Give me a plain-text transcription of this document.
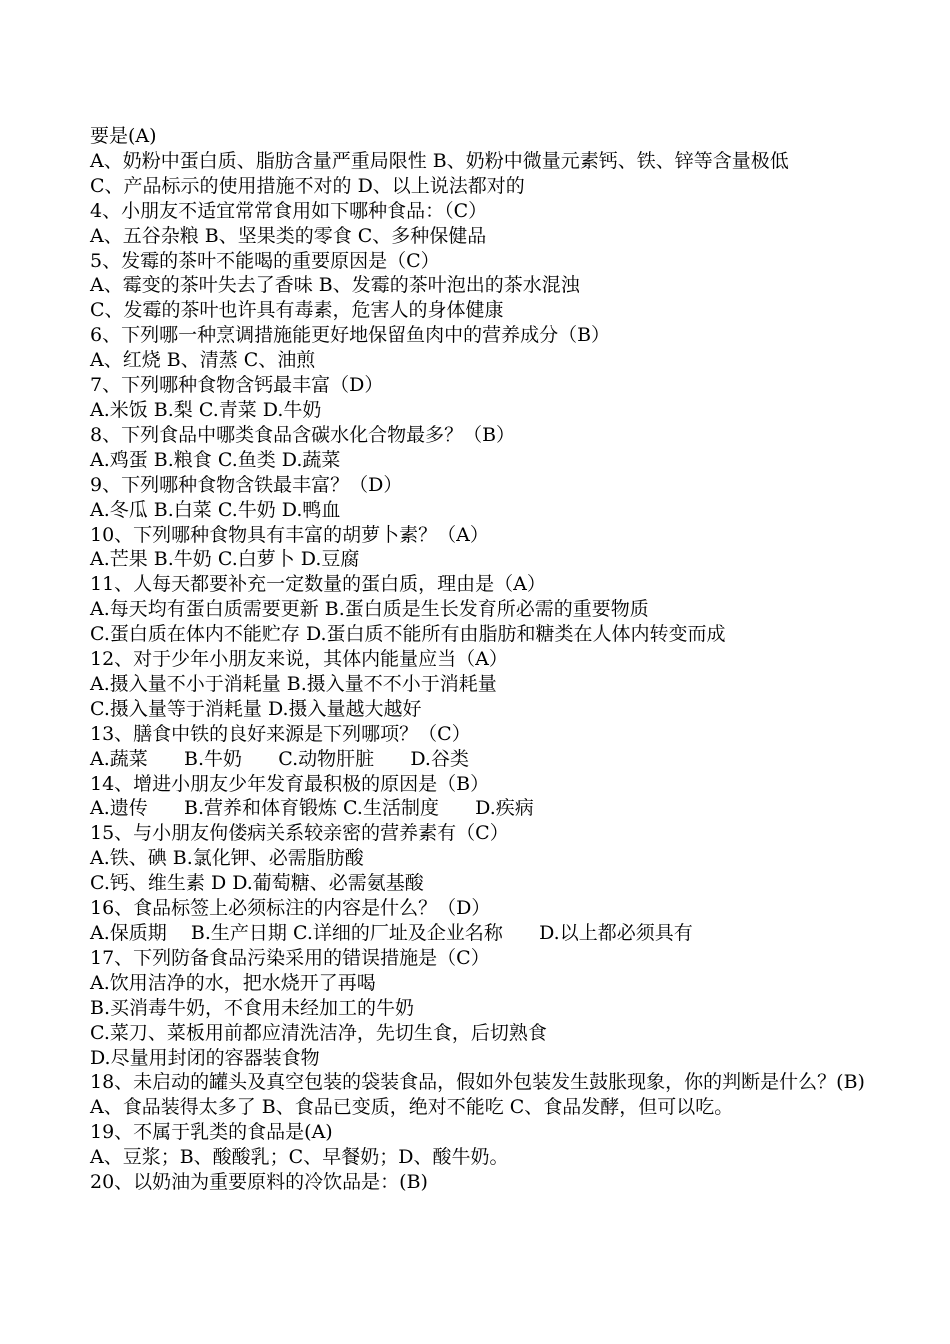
要是(A)
A、奶粉中蛋白质、脂肪含量严重局限性 B、奶粉中微量元素钙、铁、锌等含量极低
C、产品标示的使用措施不对的 D、以上说法都对的
4、小朋友不适宜常常食用如下哪种食品：（C）
A、五谷杂粮 B、坚果类的零食 C、多种保健品
5、发霉的茶叶不能喝的重要原因是（C）
A、霉变的茶叶失去了香味 B、发霉的茶叶泡出的茶水混浊
C、发霉的茶叶也许具有毒素，危害人的身体健康
6、下列哪一种烹调措施能更好地保留鱼肉中的营养成分（B）
A、红烧 B、清蒸 C、油煎
7、下列哪种食物含钙最丰富（D）
A.米饭 B.梨 C.青菜 D.牛奶
8、下列食品中哪类食品含碳水化合物最多？（B）
A.鸡蛋 B.粮食 C.鱼类 D.蔬菜
9、下列哪种食物含铁最丰富？（D）
A.冬瓜 B.白菜 C.牛奶 D.鸭血
10、下列哪种食物具有丰富的胡萝卜素？（A）
A.芒果 B.牛奶 C.白萝卜 D.豆腐
11、人每天都要补充一定数量的蛋白质，理由是（A）
A.每天均有蛋白质需要更新 B.蛋白质是生长发育所必需的重要物质
C.蛋白质在体内不能贮存 D.蛋白质不能所有由脂肪和糖类在人体内转变而成
12、对于少年小朋友来说，其体内能量应当（A）
A.摄入量不小于消耗量 B.摄入量不不小于消耗量
C.摄入量等于消耗量 D.摄入量越大越好
13、膳食中铁的良好来源是下列哪项？（C）
A.蔬菜      B.牛奶      C.动物肝脏      D.谷类
14、增进小朋友少年发育最积极的原因是（B）
A.遗传      B.营养和体育锻炼 C.生活制度      D.疾病
15、与小朋友佝偻病关系较亲密的营养素有（C）
A.铁、碘 B.氯化钾、必需脂肪酸
C.钙、维生素 D D.葡萄糖、必需氨基酸
16、食品标签上必须标注的内容是什么？（D）
A.保质期    B.生产日期 C.详细的厂址及企业名称      D.以上都必须具有
17、下列防备食品污染采用的错误措施是（C）
A.饮用洁净的水，把水烧开了再喝
B.买消毒牛奶，不食用未经加工的牛奶
C.菜刀、菜板用前都应清洗洁净，先切生食，后切熟食
D.尽量用封闭的容器装食物
18、未启动的罐头及真空包装的袋装食品，假如外包装发生鼓胀现象，你的判断是什么？(B)
A、食品装得太多了 B、食品已变质，绝对不能吃 C、食品发酵，但可以吃。
19、不属于乳类的食品是(A)
A、豆浆；B、酸酸乳；C、早餐奶；D、酸牛奶。
20、以奶油为重要原料的冷饮品是：(B)
